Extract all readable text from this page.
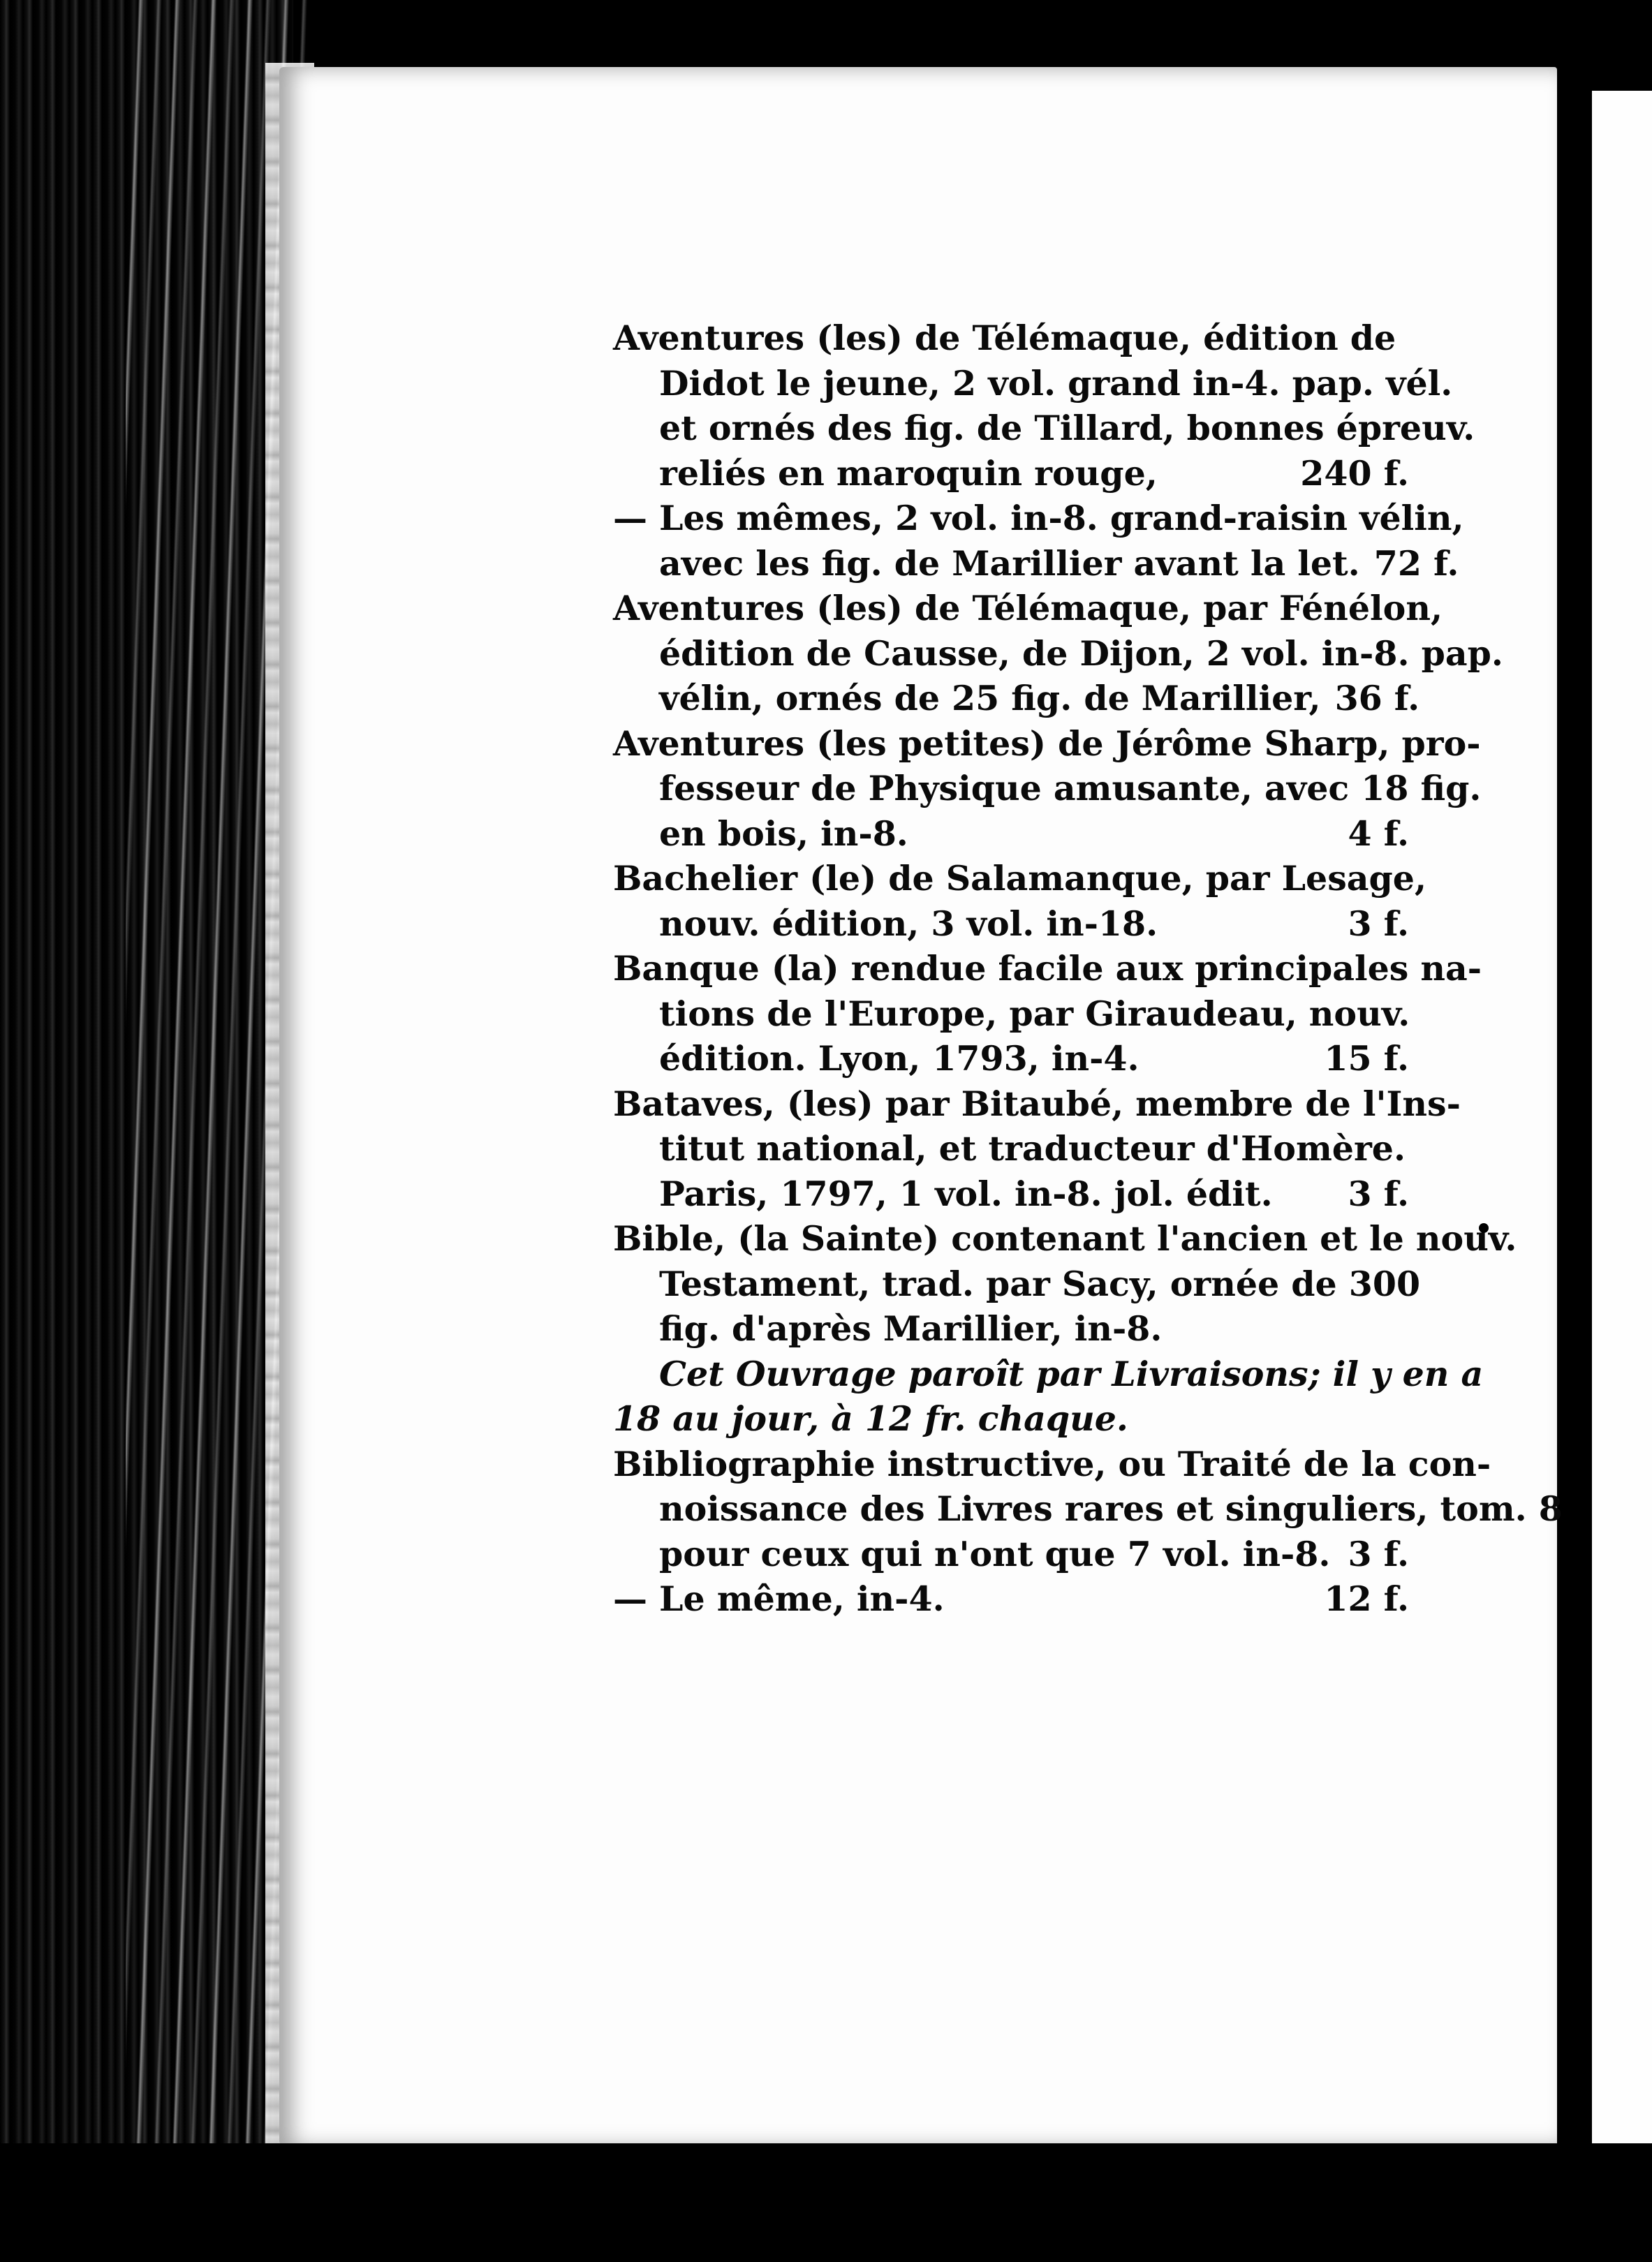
Aventures (les) de Télémaque, édition de
Didot le jeune, 2 vol. grand in-4. pap. vél.
et ornés des fig. de Tillard, bonnes épreuv.
reliés en maroquin rouge,	240 f.
— Les mêmes, 2 vol. in-8. grand-raisin vélin,
avec les fig. de Marillier avant la let. 72 f.
Aventures (les) de Télémaque, par Fénélon,
édition de Causse, de Dijon, 2 vol. in-8. pap.
vélin, ornés de 25 fig. de Marillier, 36 f.
Aventures (les petites) de Jérôme Sharp, pro-
fesseur de Physique amusante, avec 18 fig.
en bois, in-8.	4 f.
Bachelier (le) de Salamanque, par Lesage,
nouv. édition, 3 vol. in-18.	3 f.
Banque (la) rendue facile aux principales na-
tions de l'Europe, par Giraudeau, nouv.
édition. Lyon, 1793, in-4.	15 f.
Bataves, (les) par Bitaubé, membre de l'Ins-
titut national, et traducteur d'Homère.
Paris, 1797, 1 vol. in-8. jol. édit. 3 f.
Bible, (la Sainte) contenant l'ancien et le nouv.
Testament, trad. par Sacy, ornée de 300
fig. d'après Marillier, in-8.
Cet Ouvrage paroît par Livraisons; il y en a
18 au jour, à 12 fr. chaque.
Bibliographie instructive, ou Traité de la con-
noissance des Livres rares et singuliers, tom. 8
pour ceux qui n'ont que 7 vol. in-8. 3 f.
— Le même, in-4.	12 f.
